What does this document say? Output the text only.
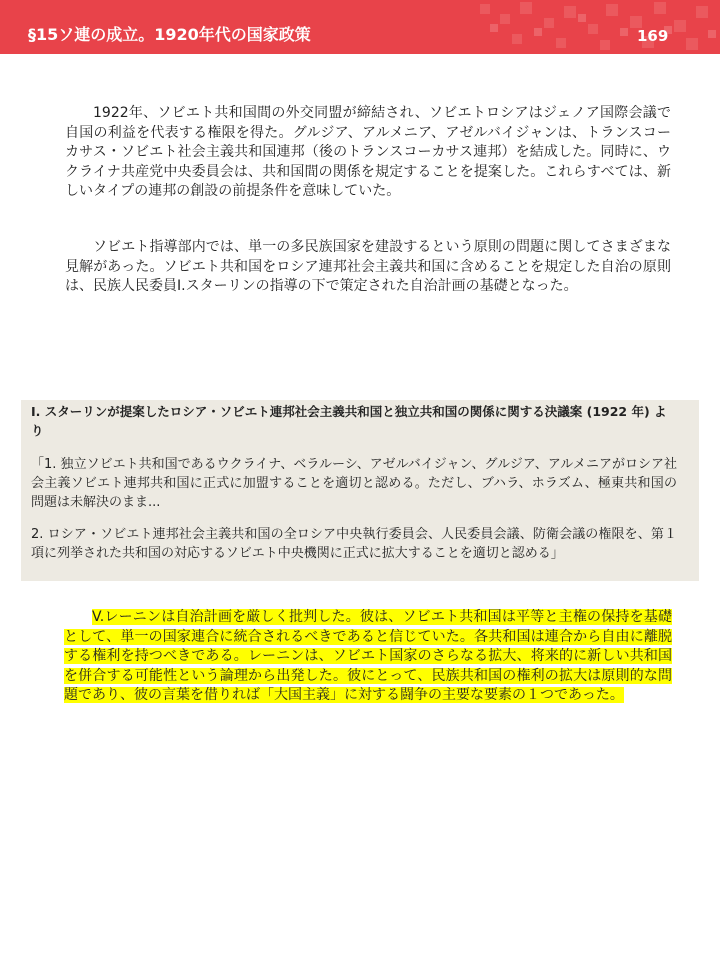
§15ソ連の成立。1920年代の国家政策	169

1922年、ソビエト共和国間の外交同盟が締結され、ソビエトロシアはジェノア国際会議で自国の利益を代表する権限を得た。グルジア、アルメニア、アゼルバイジャンは、トランスコーカサス・ソビエト社会主義共和国連邦（後のトランスコーカサス連邦）を結成した。同時に、ウクライナ共産党中央委員会は、共和国間の関係を規定することを提案した。これらすべては、新しいタイプの連邦の創設の前提条件を意味していた。

ソビエト指導部内では、単一の多民族国家を建設するという原則の問題に関してさまざまな見解があった。ソビエト共和国をロシア連邦社会主義共和国に含めることを規定した自治の原則は、民族人民委員I.スターリンの指導の下で策定された自治計画の基礎となった。

I. スターリンが提案したロシア・ソビエト連邦社会主義共和国と独立共和国の関係に関する決議案 (1922 年) より

「1. 独立ソビエト共和国であるウクライナ、ベラルーシ、アゼルバイジャン、グルジア、アルメニアがロシア社会主義ソビエト連邦共和国に正式に加盟することを適切と認める。ただし、ブハラ、ホラズム、極東共和国の問題は未解決のまま...

2. ロシア・ソビエト連邦社会主義共和国の全ロシア中央執行委員会、人民委員会議、防衛会議の権限を、第１項に列挙された共和国の対応するソビエト中央機関に正式に拡大することを適切と認める」

V.レーニンは自治計画を厳しく批判した。彼は、ソビエト共和国は平等と主権の保持を基礎として、単一の国家連合に統合されるべきであると信じていた。各共和国は連合から自由に離脱する権利を持つべきである。レーニンは、ソビエト国家のさらなる拡大、将来的に新しい共和国を併合する可能性という論理から出発した。彼にとって、民族共和国の権利の拡大は原則的な問題であり、彼の言葉を借りれば「大国主義」に対する闘争の主要な要素の１つであった。
